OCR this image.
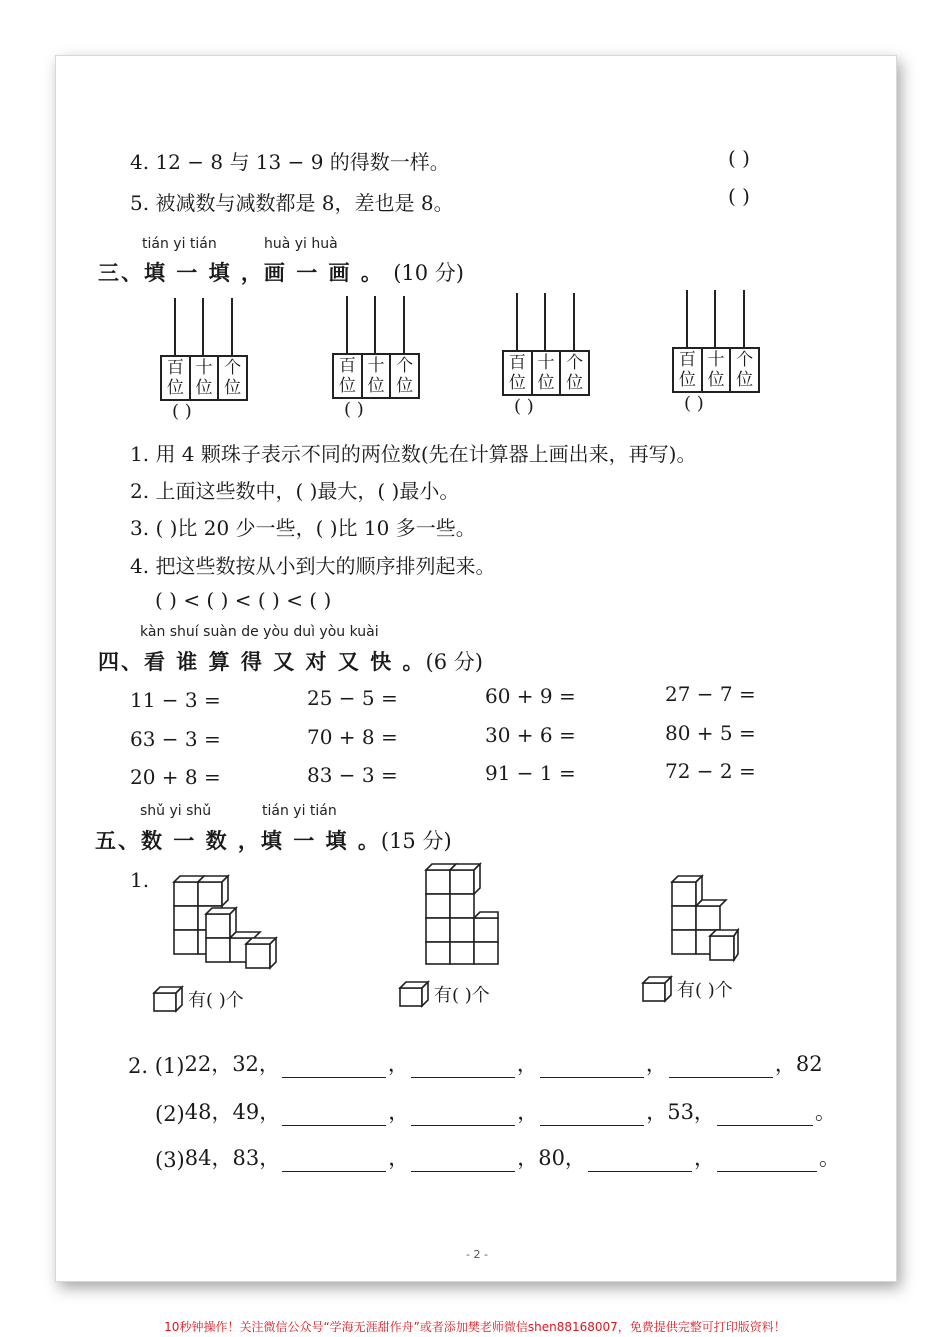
4. 12 − 8 与 13 − 9 的得数一样。	( )
5. 被减数与减数都是 8，差也是 8。	( )
tián yi tián	huà yi huà
三、填 一 填 ，画 一 画 。 (10 分)
百
位
十
位
个
位
( )
百
位
十
位
个
位
( )
百
位
十
位
个
位
( )
百
位
十
位
个
位
( )
1. 用 4 颗珠子表示不同的两位数(先在计算器上画出来，再写)。
2. 上面这些数中，( )最大，( )最小。
3. ( )比 20 少一些，( )比 10 多一些。
4. 把这些数按从小到大的顺序排列起来。
( ) < ( ) < ( ) < ( )
kàn shuí suàn de yòu duì yòu kuài
四、看 谁 算 得 又 对 又 快 。(6 分)
11 − 3 =	25 − 5 =	60 + 9 =	27 − 7 =
63 − 3 =	70 + 8 =	30 + 6 =	80 + 5 =
20 + 8 =	83 − 3 =	91 − 1 =	72 − 2 =
shǔ yi shǔ	tián yi tián
五、数 一 数 ，填 一 填 。(15 分)
1.
有( )个	有( )个	有( )个
2. (1) 22，32，	，	，	，	，82
(2) 48，49，	，	，	，53，	。
(3) 84，83，	，	，80，	，	。
- 2 -
10秒钟操作！关注微信公众号“学海无涯甜作舟”或者添加樊老师微信shen88168007，免费提供完整可打印版资料！
